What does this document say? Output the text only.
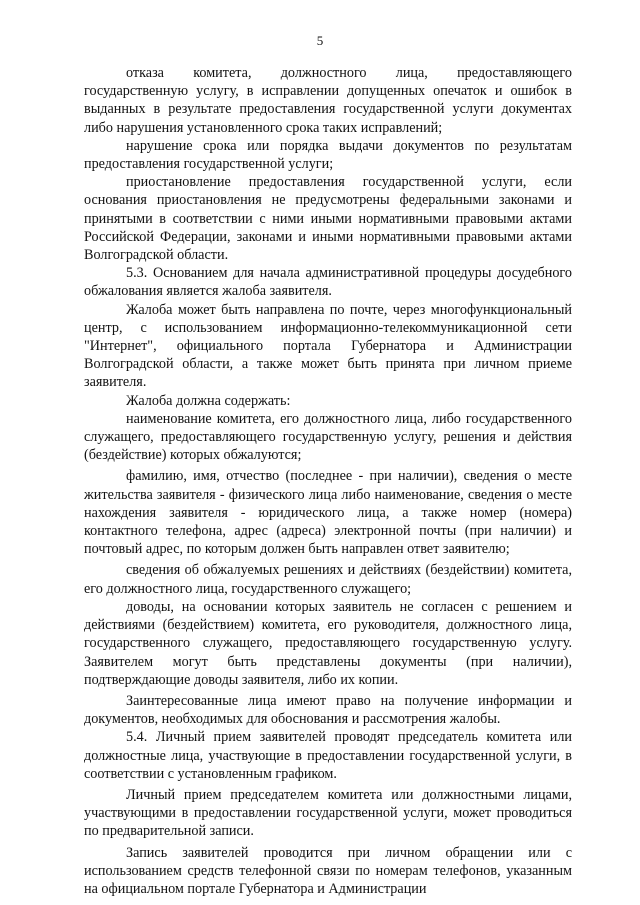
5

отказа комитета, должностного лица, предоставляющего государственную услугу, в исправлении допущенных опечаток и ошибок в выданных в результате предоставления государственной услуги документах либо нарушения установленного срока таких исправлений;

нарушение срока или порядка выдачи документов по результатам предоставления государственной услуги;

приостановление предоставления государственной услуги, если основания приостановления не предусмотрены федеральными законами и принятыми в соответствии с ними иными нормативными правовыми актами Российской Федерации, законами и иными нормативными правовыми актами Волгоградской области.

5.3. Основанием для начала административной процедуры досудебного обжалования является жалоба заявителя.

Жалоба может быть направлена по почте, через многофункциональный центр, с использованием информационно-телекоммуникационной сети "Интернет", официального портала Губернатора и Администрации Волгоградской области, а также может быть принята при личном приеме заявителя.

Жалоба должна содержать:

наименование комитета, его должностного лица, либо государственного служащего, предоставляющего государственную услугу, решения и действия (бездействие) которых обжалуются;

фамилию, имя, отчество (последнее - при наличии), сведения о месте жительства заявителя - физического лица либо наименование, сведения о месте нахождения заявителя - юридического лица, а также номер (номера) контактного телефона, адрес (адреса) электронной почты (при наличии) и почтовый адрес, по которым должен быть направлен ответ заявителю;

сведения об обжалуемых решениях и действиях (бездействии) комитета, его должностного лица, государственного служащего;

доводы, на основании которых заявитель не согласен с решением и действиями (бездействием) комитета, его руководителя, должностного лица, государственного служащего, предоставляющего государственную услугу. Заявителем могут быть представлены документы (при наличии), подтверждающие доводы заявителя, либо их копии.

Заинтересованные лица имеют право на получение информации и документов, необходимых для обоснования и рассмотрения жалобы.

5.4. Личный прием заявителей проводят председатель комитета или должностные лица, участвующие в предоставлении государственной услуги, в соответствии с установленным графиком.

Личный прием председателем комитета или должностными лицами, участвующими в предоставлении государственной услуги, может проводиться по предварительной записи.

Запись заявителей проводится при личном обращении или с использованием средств телефонной связи по номерам телефонов, указанным на официальном портале Губернатора и Администрации
